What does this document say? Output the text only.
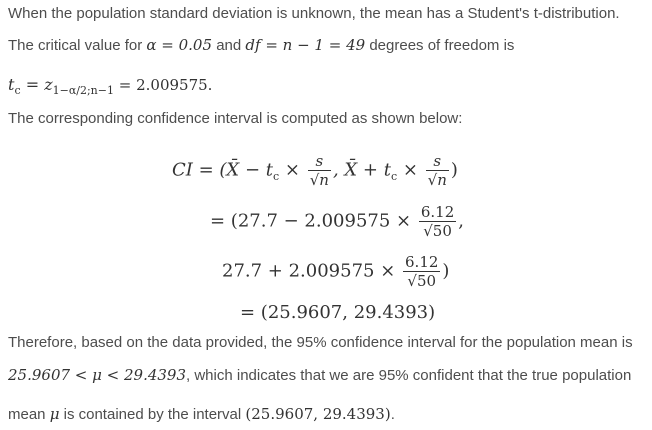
When the population standard deviation is unknown, the mean has a Student's t-distribution.
The critical value for α = 0.05 and df = n − 1 = 49 degrees of freedom is
$t_c = z_{1-\alpha/2;n-1} = 2.009575$.
The corresponding confidence interval is computed as shown below:
CI = (X̄ − $t_c \times \frac{s}{√n}$ , X̄ + $t_c \times \frac{s}{√n}$ )
= ($27.7 - 2.009575 \times \frac{6.12}{√50}$ ,
$27.7 + 2.009575 \times \frac{6.12}{√50}$ )
= (25.9607, 29.4393)
Therefore, based on the data provided, the 95% confidence interval for the population mean is
25.9607 < μ < 29.4393, which indicates that we are 95% confident that the true population
mean μ is contained by the interval (25.9607, 29.4393).
